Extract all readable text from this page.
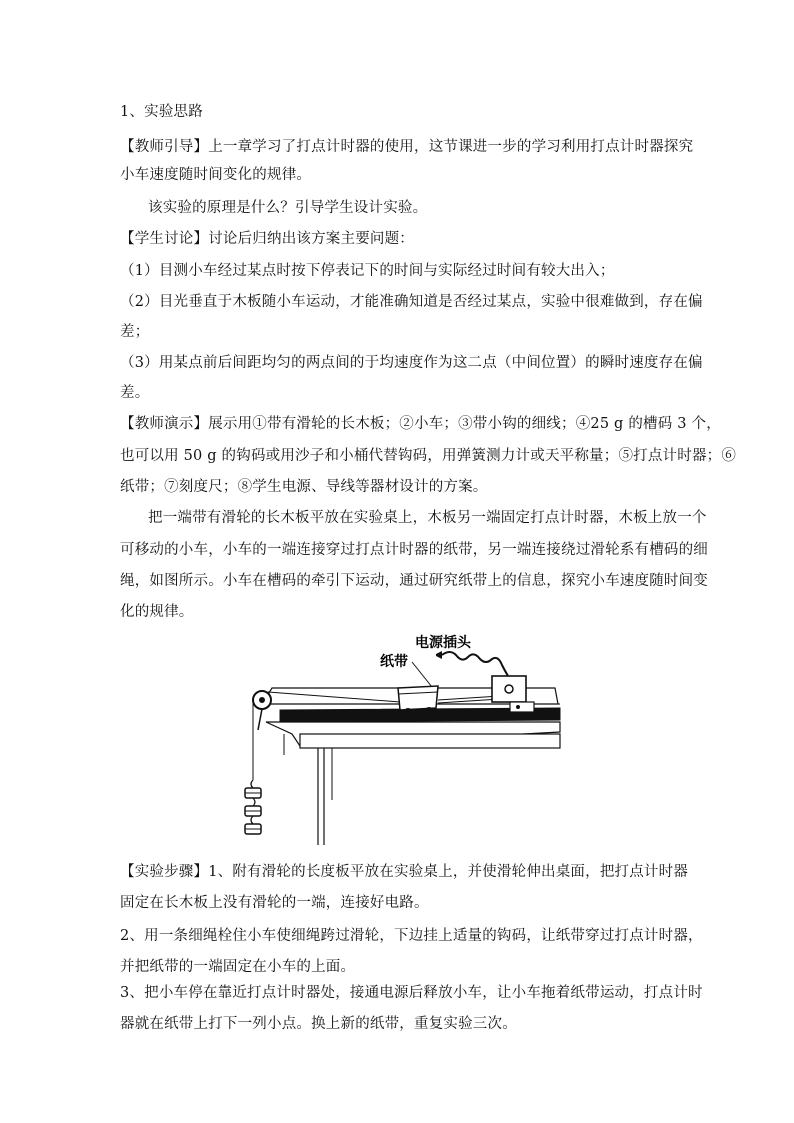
1、实验思路
【教师引导】上一章学习了打点计时器的使用，这节课进一步的学习利用打点计时器探究
小车速度随时间变化的规律。
该实验的原理是什么？引导学生设计实验。
【学生讨论】讨论后归纳出该方案主要问题：
（1）目测小车经过某点时按下停表记下的时间与实际经过时间有较大出入；
（2）目光垂直于木板随小车运动，才能准确知道是否经过某点，实验中很难做到，存在偏
差；
（3）用某点前后间距均匀的两点间的于均速度作为这二点（中间位置）的瞬时速度存在偏
差。
【教师演示】展示用①带有滑轮的长木板；②小车；③带小钩的细线；④25 g 的槽码 3 个，
也可以用 50 g 的钩码或用沙子和小桶代替钩码，用弹簧测力计或天平称量；⑤打点计时器；⑥
纸带；⑦刻度尺；⑧学生电源、导线等器材设计的方案。
把一端带有滑轮的长木板平放在实验桌上，木板另一端固定打点计时器，木板上放一个
可移动的小车，小车的一端连接穿过打点计时器的纸带，另一端连接绕过滑轮系有槽码的细
绳，如图所示。小车在槽码的牵引下运动，通过研究纸带上的信息，探究小车速度随时间变
化的规律。
电源插头
纸带
【实验步骤】1、附有滑轮的长度板平放在实验桌上，并使滑轮伸出桌面，把打点计时器
固定在长木板上没有滑轮的一端，连接好电路。
2、用一条细绳栓住小车使细绳跨过滑轮，下边挂上适量的钩码，让纸带穿过打点计时器，
并把纸带的一端固定在小车的上面。
3、把小车停在靠近打点计时器处，接通电源后释放小车，让小车拖着纸带运动，打点计时
器就在纸带上打下一列小点。换上新的纸带，重复实验三次。
